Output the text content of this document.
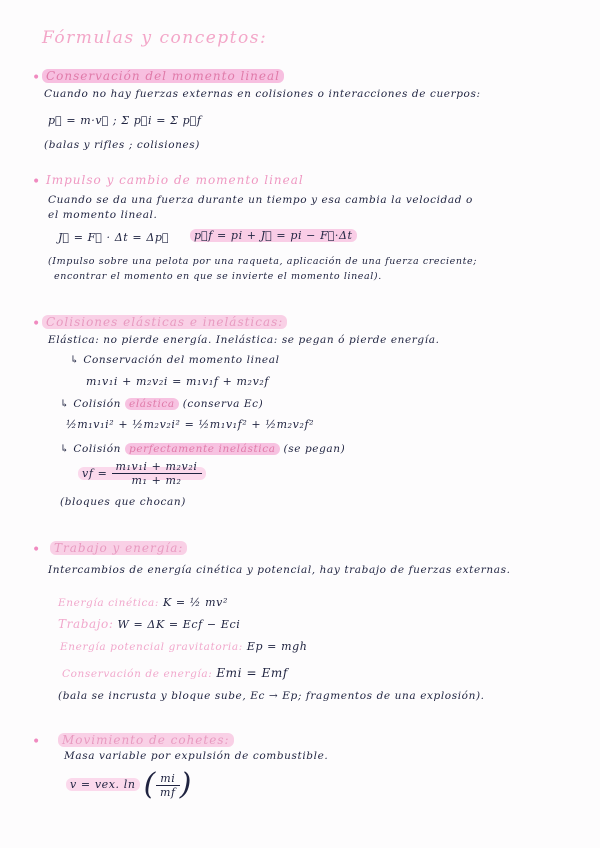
Fórmulas y conceptos:
• Conservación del momento lineal
Cuando no hay fuerzas externas en colisiones o interacciones de cuerpos:
p⃗ = m·v⃗ ; Σ p⃗i = Σ p⃗f
(balas y rifles ; colisiones)
• Impulso y cambio de momento lineal
Cuando se da una fuerza durante un tiempo y esa cambia la velocidad o
el momento lineal.
J⃗ = F⃗ · Δt = Δp⃗	p⃗f = pi + J⃗ = pi − F⃗·Δt
(Impulso sobre una pelota por una raqueta, aplicación de una fuerza creciente;
encontrar el momento en que se invierte el momento lineal).
• Colisiones elásticas e inelásticas:
Elástica: no pierde energía. Inelástica: se pegan ó pierde energía.
↳ Conservación del momento lineal
m₁v₁i + m₂v₂i = m₁v₁f + m₂v₂f
↳ Colisión elástica (conserva Ec)
½m₁v₁i² + ½m₂v₂i² = ½m₁v₁f² + ½m₂v₂f²
↳ Colisión perfectamente inelástica (se pegan)
vf = $\frac{\text{m₁v₁i + m₂v₂i}}{\text{m₁ + m₂}}$
(bloques que chocan)
•	Trabajo y energía:
Intercambios de energía cinética y potencial, hay trabajo de fuerzas externas.
Energía cinética: K = ½ mv²
Trabajo: W = ΔK = Ecf − Eci
Energía potencial gravitatoria: Ep = mgh
Conservación de energía: Emi = Emf
(bala se incrusta y bloque sube, Ec → Ep; fragmentos de una explosión).
•	Movimiento de cohetes:
Masa variable por expulsión de combustible.
v = vex. ln ( $\frac{mi}{mf}$ )
